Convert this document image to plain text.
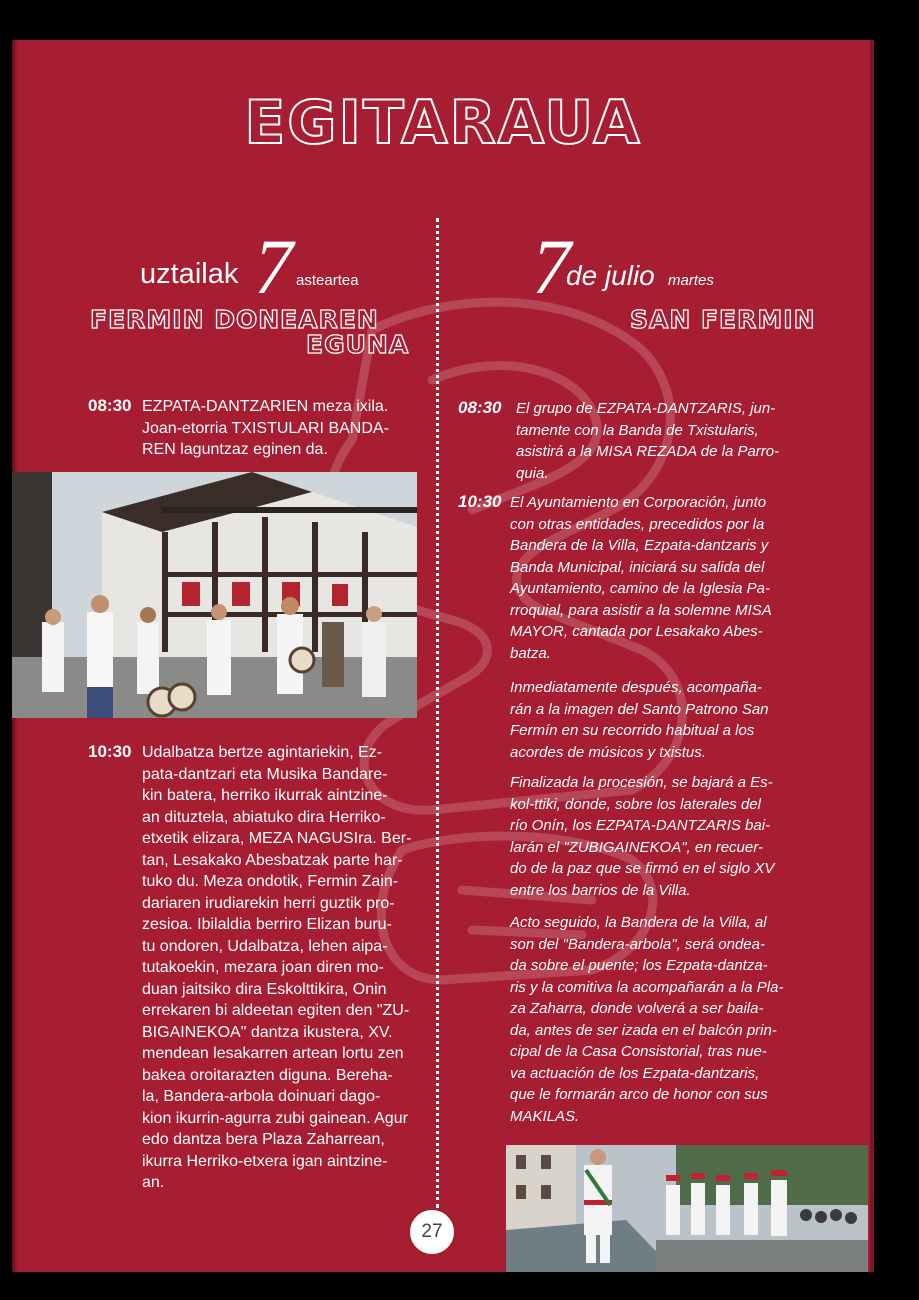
EGITARAUA
uztailak 7 asteartea
FERMIN DONEAREN
EGUNA
7
de julio martes
SAN FERMIN
08:30 EZPATA-DANTZARIEN meza ixila.
Joan-etorria TXISTULARI BANDA-
REN laguntzaz eginen da.
10:30 Udalbatza bertze agintariekin, Ez-
pata-dantzari eta Musika Bandare-
kin batera, herriko ikurrak aintzine-
an dituztela, abiatuko dira Herriko-
etxetik elizara, MEZA NAGUSIra. Ber-
tan, Lesakako Abesbatzak parte har-
tuko du. Meza ondotik, Fermin Zain-
dariaren irudiarekin herri guztik pro-
zesioa. Ibilaldia berriro Elizan buru-
tu ondoren, Udalbatza, lehen aipa-
tutakoekin, mezara joan diren mo-
duan jaitsiko dira Eskolttikira, Onin
errekaren bi aldeetan egiten den "ZU-
BIGAINEKOA" dantza ikustera, XV.
mendean lesakarren artean lortu zen
bakea oroitarazten diguna. Bereha-
la, Bandera-arbola doinuari dago-
kion ikurrin-agurra zubi gainean. Agur
edo dantza bera Plaza Zaharrean,
ikurra Herriko-etxera igan aintzine-
an.
08:30 El grupo de EZPATA-DANTZARIS, jun-
tamente con la Banda de Txistularis,
asistirá a la MISA REZADA de la Parro-
quia.
10:30 El Ayuntamiento en Corporación, junto
con otras entidades, precedidos por la
Bandera de la Villa, Ezpata-dantzaris y
Banda Municipal, iniciará su salida del
Ayuntamiento, camino de la Iglesia Pa-
rroquial, para asistir a la solemne MISA
MAYOR, cantada por Lesakako Abes-
batza.
Inmediatamente después, acompaña-
rán a la imagen del Santo Patrono San
Fermín en su recorrido habitual a los
acordes de músicos y txistus.
Finalizada la procesión, se bajará a Es-
kol-ttiki, donde, sobre los laterales del
río Onín, los EZPATA-DANTZARIS bai-
larán el "ZUBIGAINEKOA", en recuer-
do de la paz que se firmó en el siglo XV
entre los barrios de la Villa.
Acto seguido, la Bandera de la Villa, al
son del "Bandera-arbola", será ondea-
da sobre el puente; los Ezpata-dantza-
ris y la comitiva la acompañarán a la Pla-
za Zaharra, donde volverá a ser baila-
da, antes de ser izada en el balcón prin-
cipal de la Casa Consistorial, tras nue-
va actuación de los Ezpata-dantzaris,
que le formarán arco de honor con sus
MAKILAS.
27
